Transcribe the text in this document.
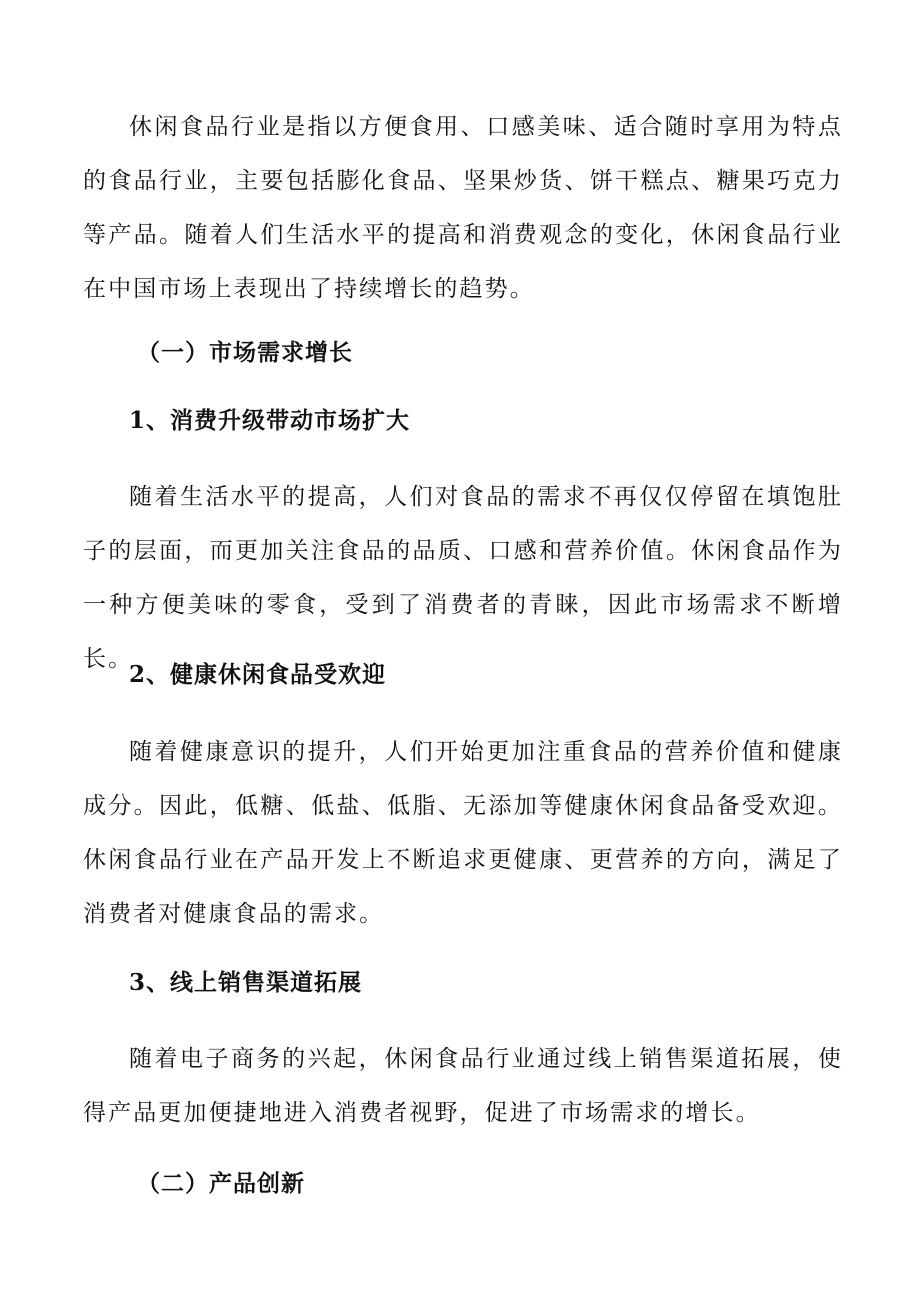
休闲食品行业是指以方便食用、口感美味、适合随时享用为特点的食品行业，主要包括膨化食品、坚果炒货、饼干糕点、糖果巧克力等产品。随着人们生活水平的提高和消费观念的变化，休闲食品行业在中国市场上表现出了持续增长的趋势。

（一）市场需求增长
1、消费升级带动市场扩大

随着生活水平的提高，人们对食品的需求不再仅仅停留在填饱肚子的层面，而更加关注食品的品质、口感和营养价值。休闲食品作为一种方便美味的零食，受到了消费者的青睐，因此市场需求不断增长。

2、健康休闲食品受欢迎

随着健康意识的提升，人们开始更加注重食品的营养价值和健康成分。因此，低糖、低盐、低脂、无添加等健康休闲食品备受欢迎。休闲食品行业在产品开发上不断追求更健康、更营养的方向，满足了消费者对健康食品的需求。

3、线上销售渠道拓展

随着电子商务的兴起，休闲食品行业通过线上销售渠道拓展，使得产品更加便捷地进入消费者视野，促进了市场需求的增长。

（二）产品创新
